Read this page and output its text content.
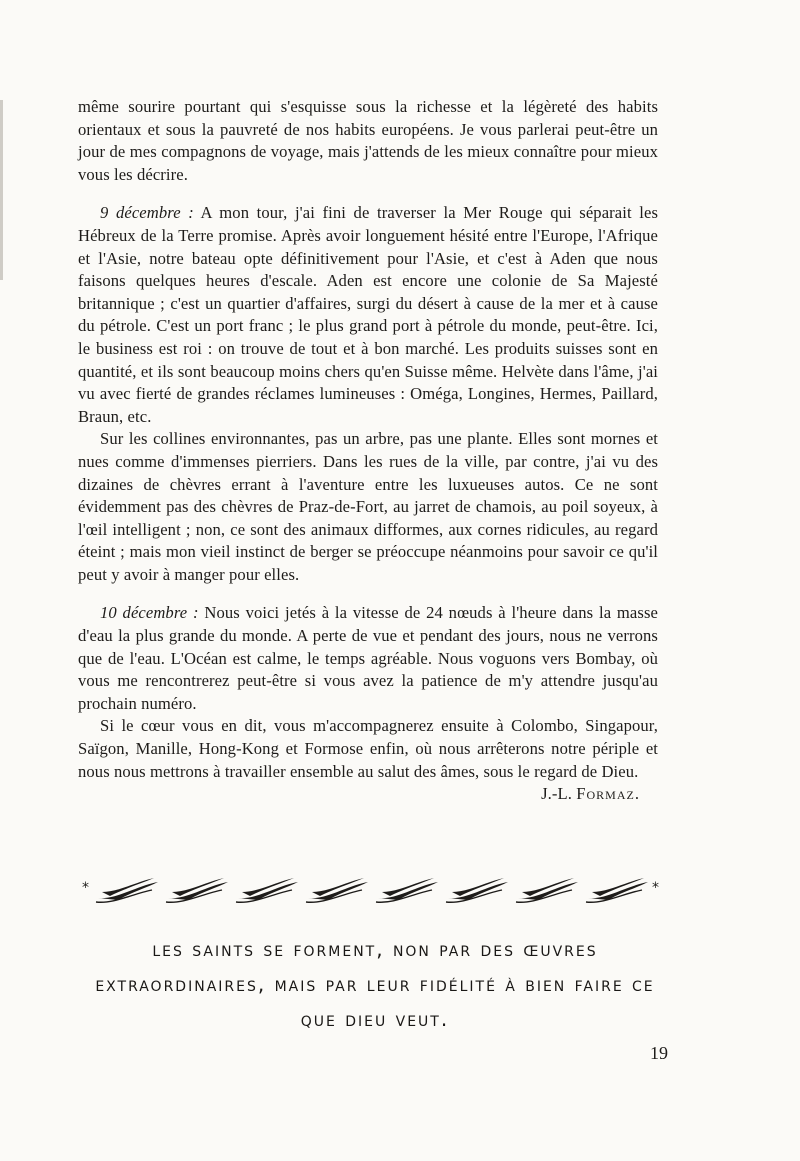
même sourire pourtant qui s'esquisse sous la richesse et la légèreté des habits orientaux et sous la pauvreté de nos habits européens. Je vous parlerai peut-être un jour de mes compagnons de voyage, mais j'attends de les mieux connaître pour mieux vous les décrire.

9 décembre : A mon tour, j'ai fini de traverser la Mer Rouge qui séparait les Hébreux de la Terre promise. Après avoir longuement hésité entre l'Europe, l'Afrique et l'Asie, notre bateau opte définitivement pour l'Asie, et c'est à Aden que nous faisons quelques heures d'escale. Aden est encore une colonie de Sa Majesté britannique ; c'est un quartier d'affaires, surgi du désert à cause de la mer et à cause du pétrole. C'est un port franc ; le plus grand port à pétrole du monde, peut-être. Ici, le business est roi : on trouve de tout et à bon marché. Les produits suisses sont en quantité, et ils sont beaucoup moins chers qu'en Suisse même. Helvète dans l'âme, j'ai vu avec fierté de grandes réclames lumineuses : Oméga, Longines, Hermes, Paillard, Braun, etc.

Sur les collines environnantes, pas un arbre, pas une plante. Elles sont mornes et nues comme d'immenses pierriers. Dans les rues de la ville, par contre, j'ai vu des dizaines de chèvres errant à l'aventure entre les luxueuses autos. Ce ne sont évidemment pas des chèvres de Praz-de-Fort, au jarret de chamois, au poil soyeux, à l'œil intelligent ; non, ce sont des animaux difformes, aux cornes ridicules, au regard éteint ; mais mon vieil instinct de berger se préoccupe néanmoins pour savoir ce qu'il peut y avoir à manger pour elles.

10 décembre : Nous voici jetés à la vitesse de 24 nœuds à l'heure dans la masse d'eau la plus grande du monde. A perte de vue et pendant des jours, nous ne verrons que de l'eau. L'Océan est calme, le temps agréable. Nous voguons vers Bombay, où vous me rencontrerez peut-être si vous avez la patience de m'y attendre jusqu'au prochain numéro.

Si le cœur vous en dit, vous m'accompagnerez ensuite à Colombo, Singapour, Saïgon, Manille, Hong-Kong et Formose enfin, où nous arrêterons notre périple et nous nous mettrons à travailler ensemble au salut des âmes, sous le regard de Dieu.

J.-L. Formaz.

*	*
les saints se forment, non par des œuvres extraordinaires, mais par leur fidélité à bien faire ce que dieu veut.
19
